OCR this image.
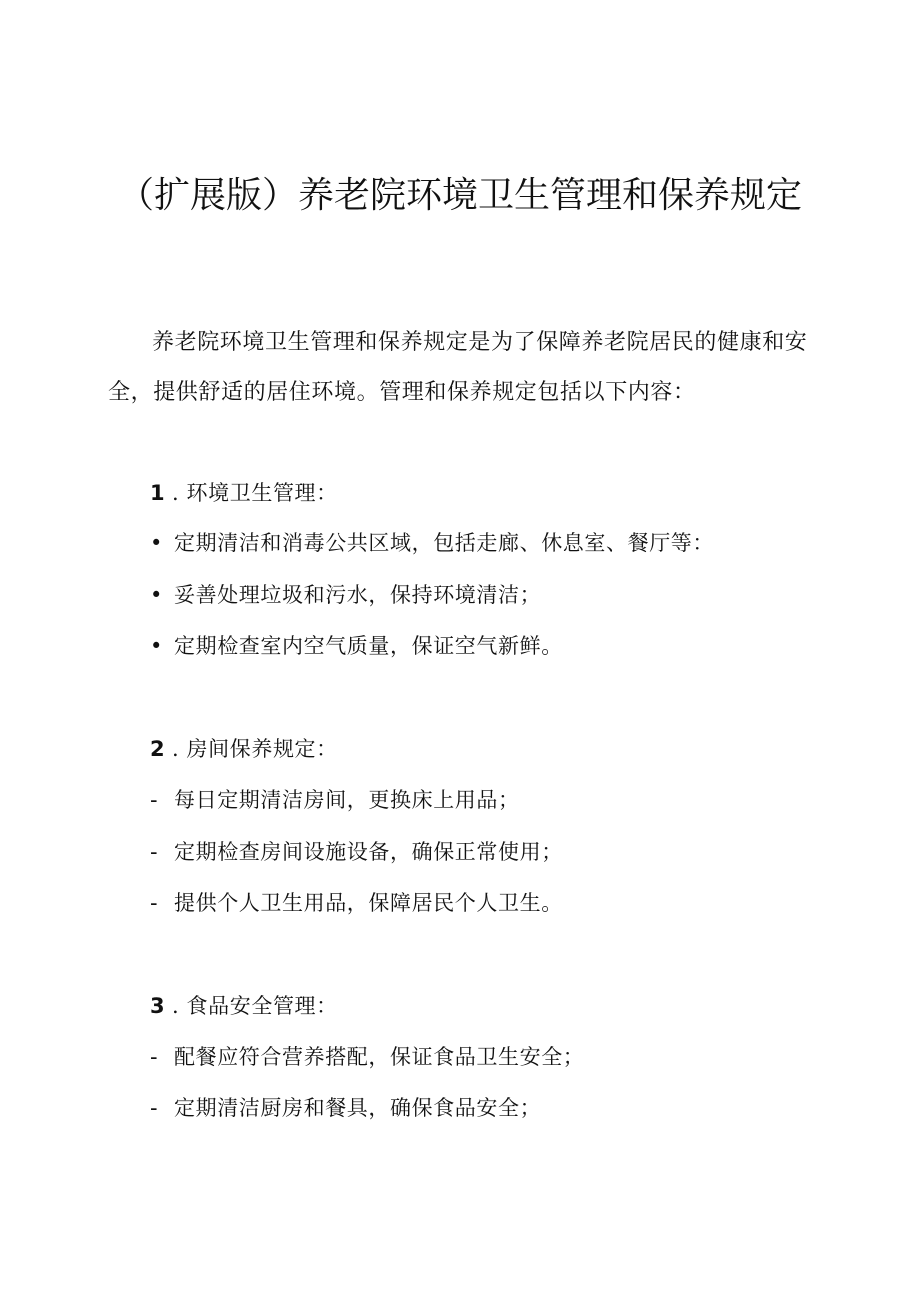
（扩展版）养老院环境卫生管理和保养规定

养老院环境卫生管理和保养规定是为了保障养老院居民的健康和安全，提供舒适的居住环境。管理和保养规定包括以下内容：

1 . 环境卫生管理：
• 定期清洁和消毒公共区域，包括走廊、休息室、餐厅等：
• 妥善处理垃圾和污水，保持环境清洁；
• 定期检查室内空气质量，保证空气新鲜。
2 . 房间保养规定：
- 每日定期清洁房间，更换床上用品；
- 定期检查房间设施设备，确保正常使用；
- 提供个人卫生用品，保障居民个人卫生。
3 . 食品安全管理：
- 配餐应符合营养搭配，保证食品卫生安全；
- 定期清洁厨房和餐具，确保食品安全；
